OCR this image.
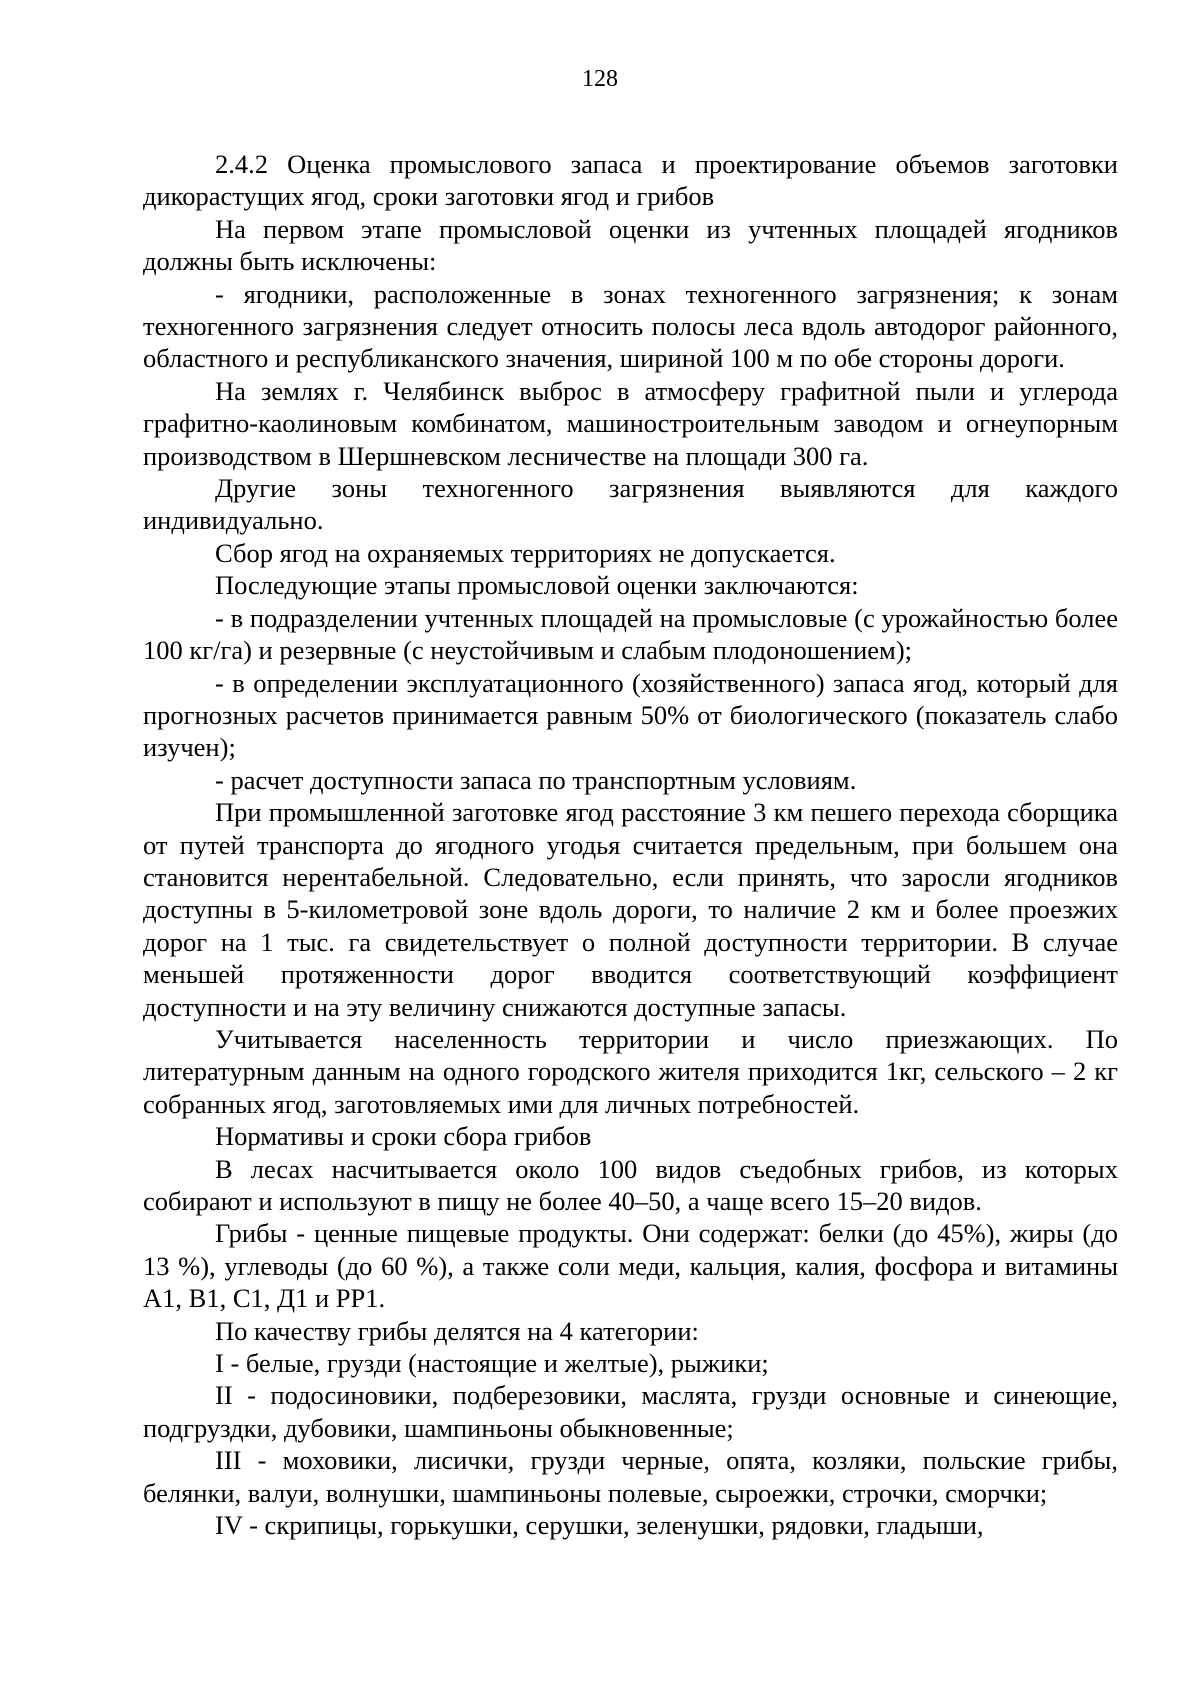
128

2.4.2 Оценка промыслового запаса и проектирование объемов заготовки дикорастущих ягод, сроки заготовки ягод и грибов

На первом этапе промысловой оценки из учтенных площадей ягодников должны быть исключены:

- ягодники, расположенные в зонах техногенного загрязнения; к зонам техногенного загрязнения следует относить полосы леса вдоль автодорог районного, областного и республиканского значения, шириной 100 м по обе стороны дороги.

На землях г. Челябинск выброс в атмосферу графитной пыли и углерода графитно-каолиновым комбинатом, машиностроительным заводом и огнеупорным производством в Шершневском лесничестве на площади 300 га.

Другие зоны техногенного загрязнения выявляются для каждого индивидуально.

Сбор ягод на охраняемых территориях не допускается.

Последующие этапы промысловой оценки заключаются:

- в подразделении учтенных площадей на промысловые (с урожайностью более 100 кг/га) и резервные (с неустойчивым и слабым плодоношением);

- в определении эксплуатационного (хозяйственного) запаса ягод, который для прогнозных расчетов принимается равным 50% от биологического (показатель слабо изучен);

- расчет доступности запаса по транспортным условиям.

При промышленной заготовке ягод расстояние 3 км пешего перехода сборщика от путей транспорта до ягодного угодья считается предельным, при большем она становится нерентабельной. Следовательно, если принять, что заросли ягодников доступны в 5-километровой зоне вдоль дороги, то наличие 2 км и более проезжих дорог на 1 тыс. га свидетельствует о полной доступности территории. В случае меньшей протяженности дорог вводится соответствующий коэффициент доступности и на эту величину снижаются доступные запасы.

Учитывается населенность территории и число приезжающих. По литературным данным на одного городского жителя приходится 1кг, сельского – 2 кг собранных ягод, заготовляемых ими для личных потребностей.

Нормативы и сроки сбора грибов

В лесах насчитывается около 100 видов съедобных грибов, из которых собирают и используют в пищу не более 40–50, а чаще всего 15–20 видов.

Грибы - ценные пищевые продукты. Они содержат: белки (до 45%), жиры (до 13 %), углеводы (до 60 %), а также соли меди, кальция, калия, фосфора и витамины А1, В1, С1, Д1 и РР1.

По качеству грибы делятся на 4 категории:

I - белые, грузди (настоящие и желтые), рыжики;

II - подосиновики, подберезовики, маслята, грузди основные и синеющие, подгруздки, дубовики, шампиньоны обыкновенные;

III - моховики, лисички, грузди черные, опята, козляки, польские грибы, белянки, валуи, волнушки, шампиньоны полевые, сыроежки, строчки, сморчки;

IV - скрипицы, горькушки, серушки, зеленушки, рядовки, гладыши,
